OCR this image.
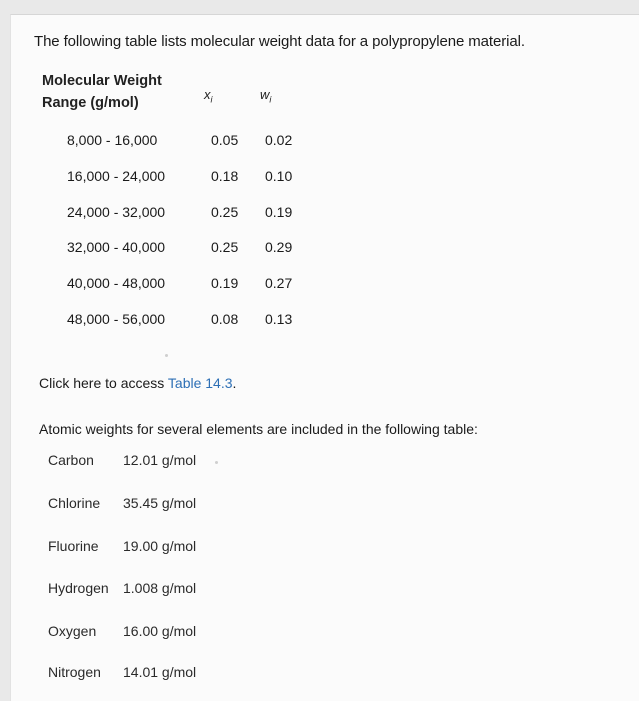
The following table lists molecular weight data for a polypropylene material.
Molecular Weight
Range (g/mol)
$x_i$	$w_i$
8,000 - 16,000	0.05 0.02
16,000 - 24,000	0.18 0.10
24,000 - 32,000	0.25 0.19
32,000 - 40,000	0.25 0.29
40,000 - 48,000	0.19 0.27
48,000 - 56,000	0.08 0.13
Click here to access Table 14.3.
Atomic weights for several elements are included in the following table:
Carbon 12.01 g/mol
Chlorine 35.45 g/mol
Fluorine 19.00 g/mol
Hydrogen 1.008 g/mol
Oxygen 16.00 g/mol
Nitrogen 14.01 g/mol
